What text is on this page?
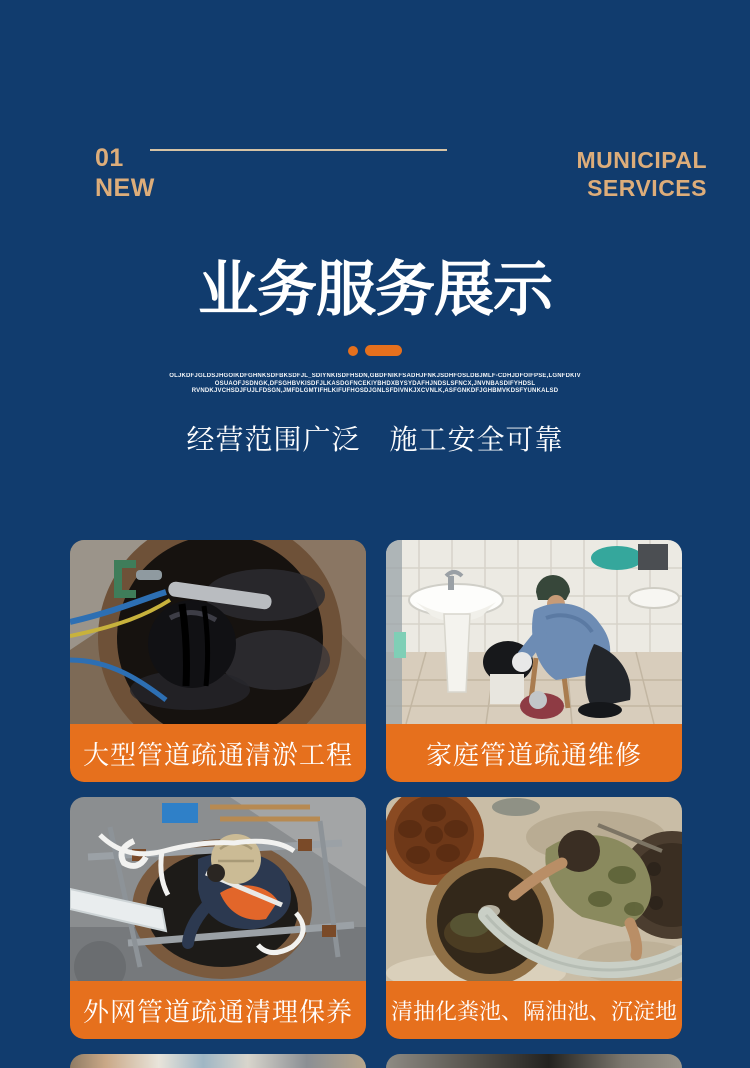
01
NEW
MUNICIPAL
SERVICES
业务服务展示
OLJKDFJGLDSJHGOIKDFGHNKSDFBKSDFJL_SDIYNKISDFHSDN,GBDFNIKFSADHJFNKJSDHFOSLDBJMLF-CDHJDFOIFPSE,LGNFDKIV
OSUAOFJSDNGK,DFSGHBVKISDFJLKASDGFNCEKIYBHDXBYSYDAFHJNDSLSFNCX,JNVNBASDIFYHDSL
RVNDKJVCHSDJFUJLFDSGN,JMFDLGMTIFHLKIFUFHOSDJGNLSFDIVNKJXCVNLK,ASFGNKDFJGHBMVKDSFYUNKALSD
经营范围广泛　施工安全可靠
大型管道疏通清淤工程	家庭管道疏通维修
外网管道疏通清理保养	清抽化粪池、隔油池、沉淀地
